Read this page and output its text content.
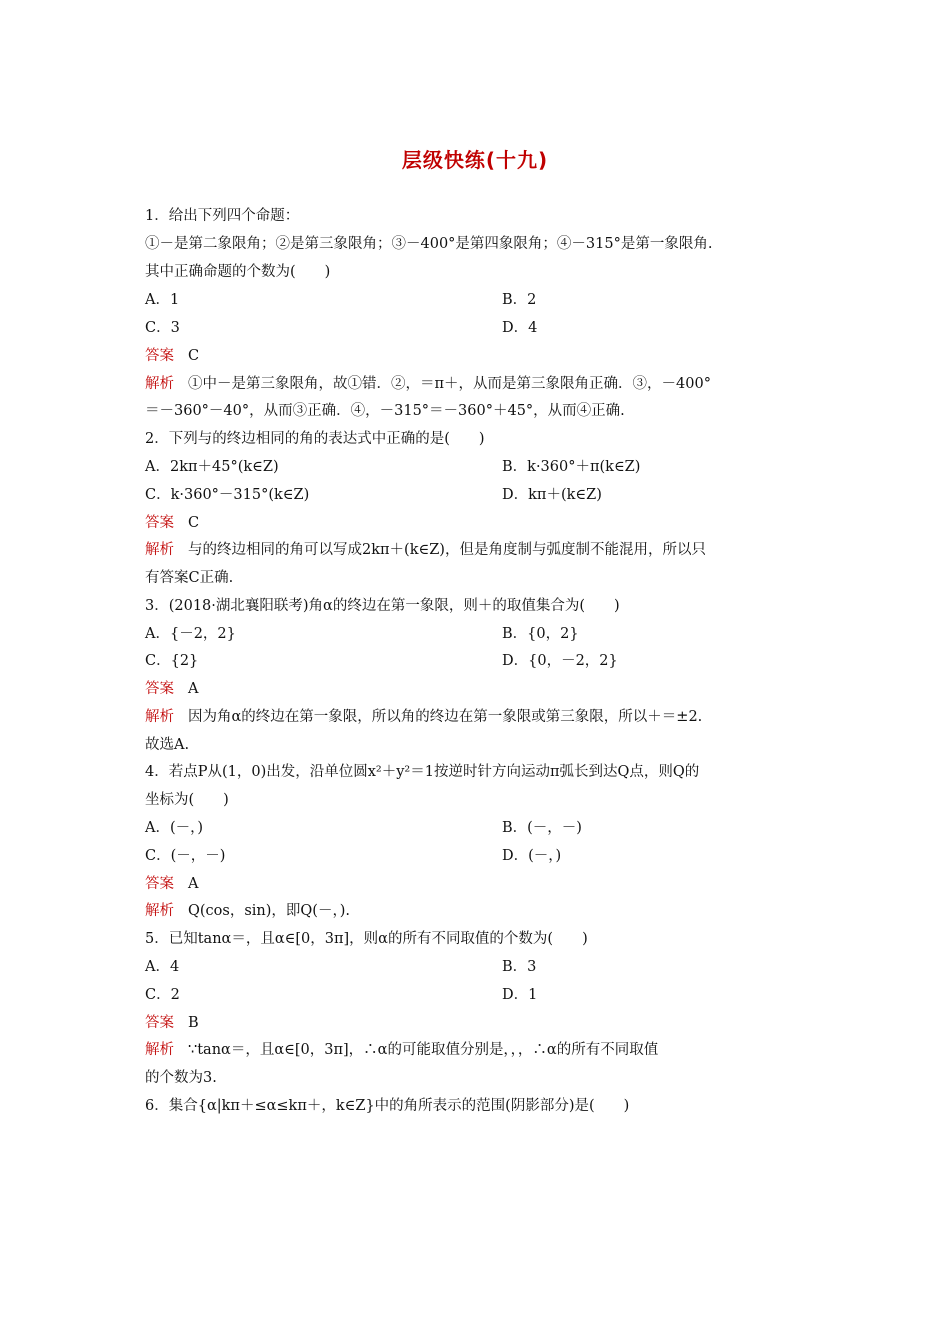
层级快练(十九)
1．给出下列四个命题：
①－是第二象限角；②是第三象限角；③－400°是第四象限角；④－315°是第一象限角.
其中正确命题的个数为(　　)
A．1	B．2
C．3	D．4
答案 C
解析 ①中－是第三象限角，故①错．②，＝π＋，从而是第三象限角正确．③，－400°
＝－360°－40°，从而③正确．④，－315°＝－360°＋45°，从而④正确.
2．下列与的终边相同的角的表达式中正确的是(　　)
A．2kπ＋45°(k∈Z)	B．k·360°＋π(k∈Z)
C．k·360°－315°(k∈Z)	D．kπ＋(k∈Z)
答案 C
解析 与的终边相同的角可以写成2kπ＋(k∈Z)，但是角度制与弧度制不能混用，所以只
有答案C正确.
3．(2018·湖北襄阳联考)角α的终边在第一象限，则＋的取值集合为(　　)
A．{－2，2}	B．{0，2}
C．{2}	D．{0，－2，2}
答案 A
解析 因为角α的终边在第一象限，所以角的终边在第一象限或第三象限，所以＋＝±2.
故选A.
4．若点P从(1，0)出发，沿单位圆x²＋y²＝1按逆时针方向运动π弧长到达Q点，则Q的
坐标为(　　)
A．(－，)	B．(－，－)
C．(－，－)	D．(－，)
答案 A
解析 Q(cos，sin)，即Q(－，).
5．已知tanα＝，且α∈[0，3π]，则α的所有不同取值的个数为(　　)
A．4	B．3
C．2	D．1
答案 B
解析 ∵tanα＝，且α∈[0，3π]，∴α的可能取值分别是，，，∴α的所有不同取值
的个数为3.
6．集合{α|kπ＋≤α≤kπ＋，k∈Z}中的角所表示的范围(阴影部分)是(　　)
